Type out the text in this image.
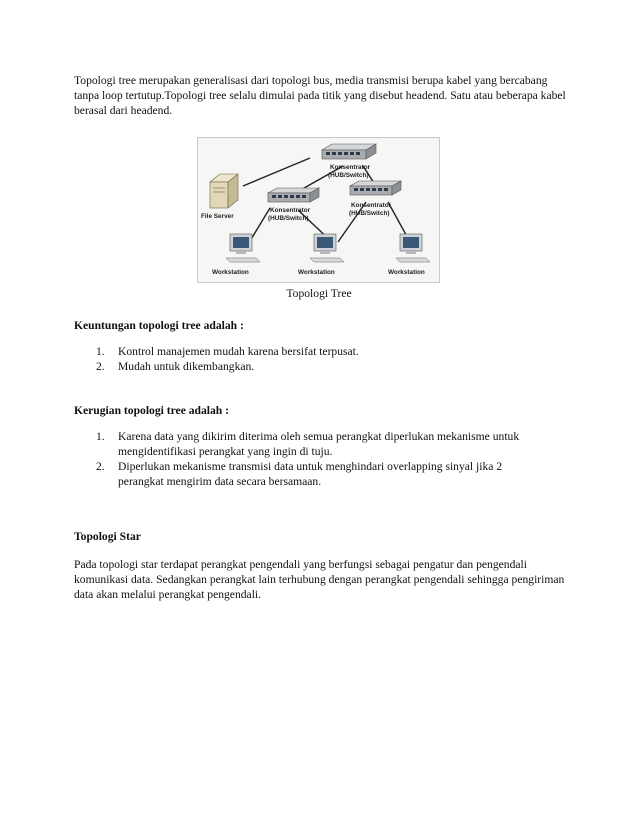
Topologi tree merupakan generalisasi dari topologi bus, media transmisi berupa kabel yang bercabang tanpa loop tertutup.Topologi tree selalu dimulai pada titik yang disebut headend. Satu atau beberapa kabel berasal dari headend.

Konsentrator
(HUB/Switch)
Konsentrator
(HUB/Switch)
Konsentrator
(HUB/Switch)
File Server
Workstation	Workstation	Workstation

Topologi Tree

Keuntungan topologi tree adalah :

1. Kontrol manajemen mudah karena bersifat terpusat.
2. Mudah untuk dikembangkan.

Kerugian topologi tree adalah :

1. Karena data yang dikirim diterima oleh semua perangkat diperlukan mekanisme untuk mengidentifikasi perangkat yang ingin di tuju.
2. Diperlukan mekanisme transmisi data untuk menghindari overlapping sinyal jika 2 perangkat mengirim data secara bersamaan.

Topologi Star

Pada topologi star terdapat perangkat pengendali yang berfungsi sebagai pengatur dan pengendali komunikasi data. Sedangkan perangkat lain terhubung dengan perangkat pengendali sehingga pengiriman data akan melalui perangkat pengendali.
